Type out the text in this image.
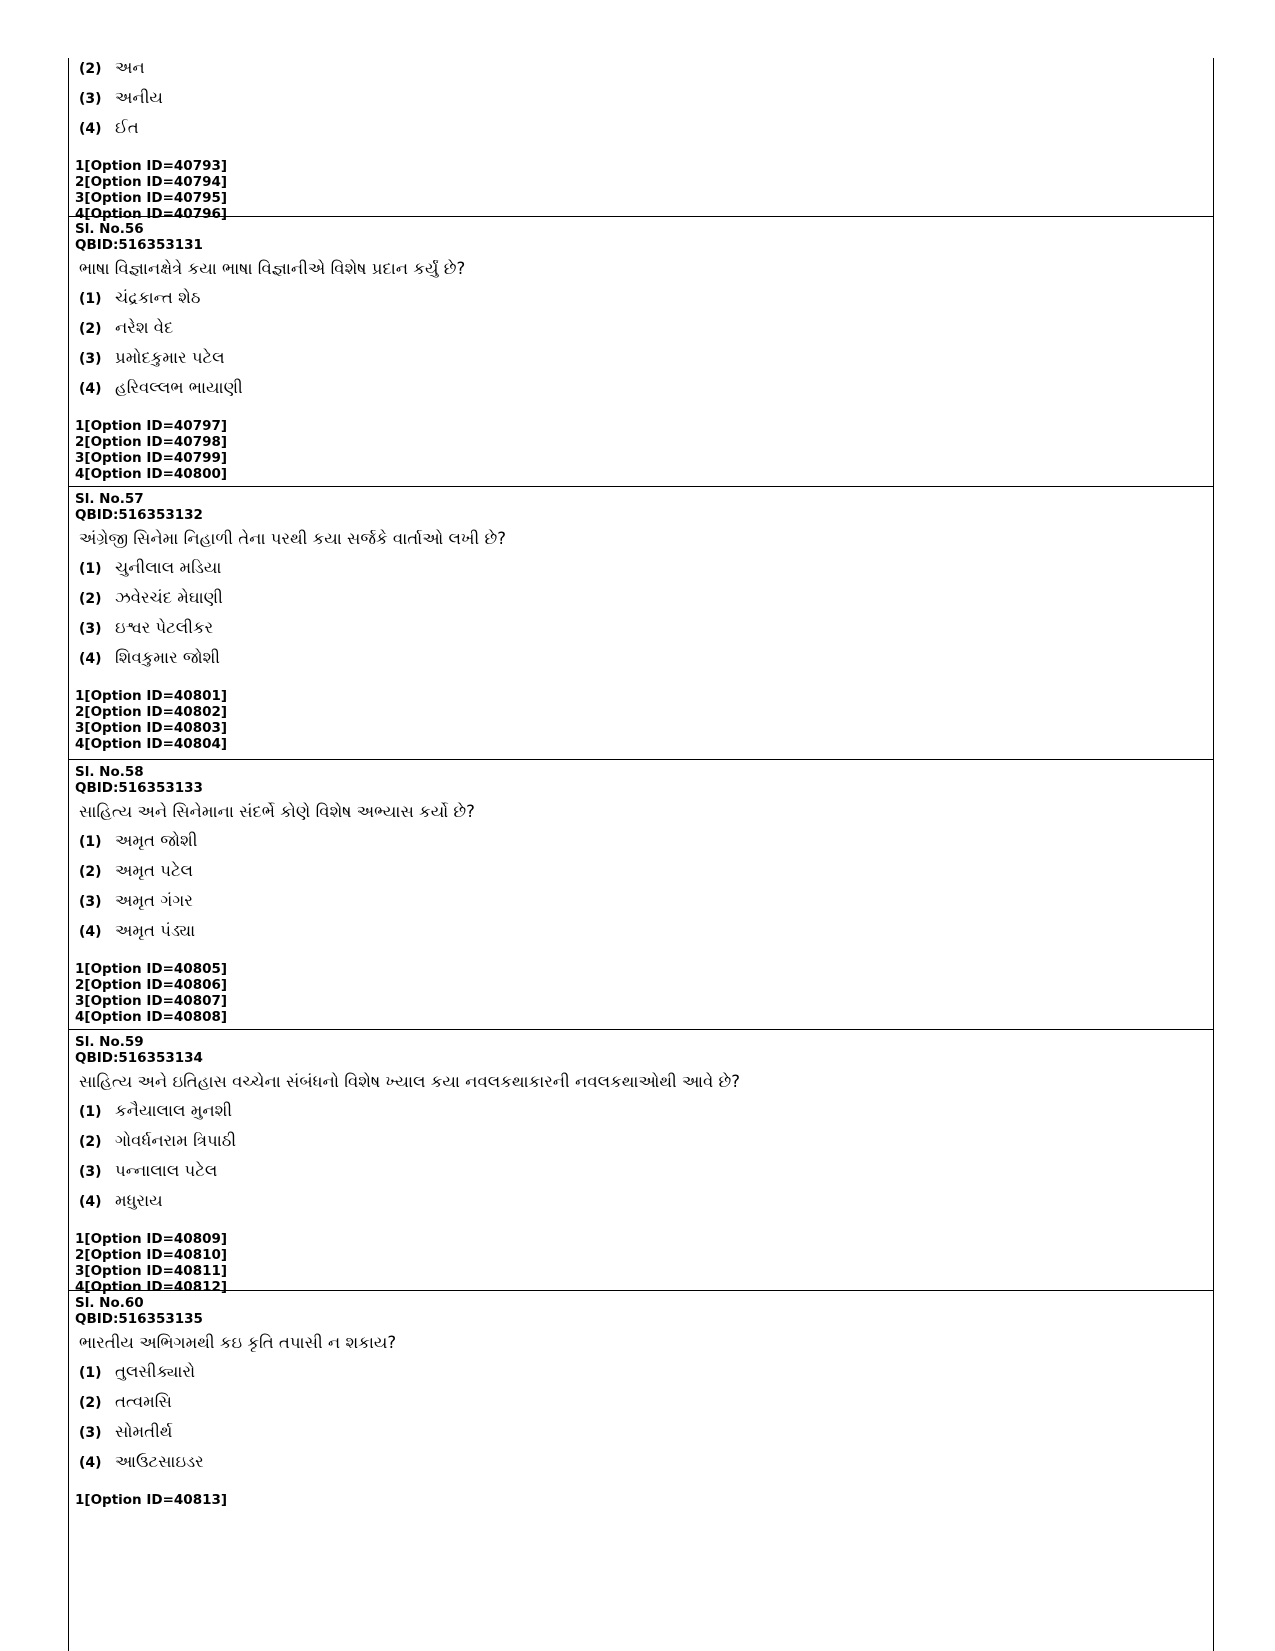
(2) અન
(3) અનીય
(4) ઈત
1[Option ID=40793]
2[Option ID=40794]
3[Option ID=40795]
4[Option ID=40796]
Sl. No.56
QBID:516353131
ભાષા વિજ્ઞાનક્ષેત્રે કયા ભાષા વિજ્ઞાનીએ વિશેષ પ્રદાન કર્યું છે?
(1) ચંદ્રકાન્ત શેઠ
(2) નરેશ વેદ
(3) પ્રમોદકુમાર પટેલ
(4) હરિવલ્લભ ભાયાણી
1[Option ID=40797]
2[Option ID=40798]
3[Option ID=40799]
4[Option ID=40800]
Sl. No.57
QBID:516353132
અંગ્રેજી સિનેમા નિહાળી તેના પરથી કયા સર્જકે વાર્તાઓ લખી છે?
(1) ચુનીલાલ મડિયા
(2) ઝવેરચંદ મેઘાણી
(3) ઇશ્વર પેટલીકર
(4) શિવકુમાર જોશી
1[Option ID=40801]
2[Option ID=40802]
3[Option ID=40803]
4[Option ID=40804]
Sl. No.58
QBID:516353133
સાહિત્ય અને સિનેમાના સંદર્ભે કોણે વિશેષ અભ્યાસ કર્યો છે?
(1) અમૃત જોશી
(2) અમૃત પટેલ
(3) અમૃત ગંગર
(4) અમૃત પંડ્યા
1[Option ID=40805]
2[Option ID=40806]
3[Option ID=40807]
4[Option ID=40808]
Sl. No.59
QBID:516353134
સાહિત્ય અને ઇતિહાસ વચ્ચેના સંબંધનો વિશેષ ખ્યાલ કયા નવલકથાકારની નવલકથાઓથી આવે છે?
(1) કનૈયાલાલ મુનશી
(2) ગોવર્ધનરામ ત્રિપાઠી
(3) પન્નાલાલ પટેલ
(4) મધુરાય
1[Option ID=40809]
2[Option ID=40810]
3[Option ID=40811]
4[Option ID=40812]
Sl. No.60
QBID:516353135
ભારતીય અભિગમથી કઇ કૃતિ તપાસી ન શકાય?
(1) તુલસીક્યારો
(2) તત્વમસિ
(3) સોમતીર્થ
(4) આઉટસાઇડર
1[Option ID=40813]
